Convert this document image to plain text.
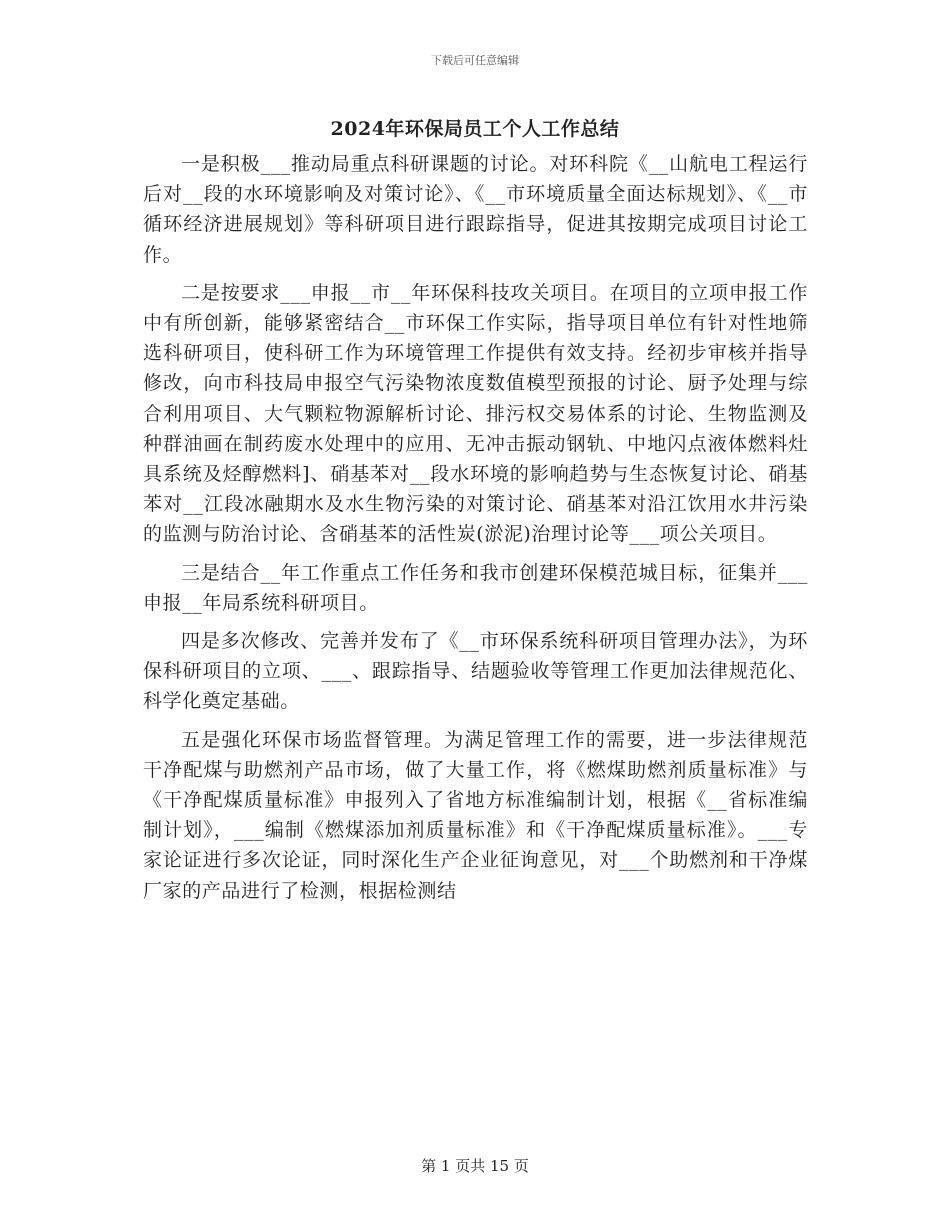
下载后可任意编辑
2024年环保局员工个人工作总结

一是积极___推动局重点科研课题的讨论。对环科院《__山航电工程运行后对__段的水环境影响及对策讨论》、《__市环境质量全面达标规划》、《__市循环经济进展规划》等科研项目进行跟踪指导，促进其按期完成项目讨论工作。

二是按要求___申报__市__年环保科技攻关项目。在项目的立项申报工作中有所创新，能够紧密结合__市环保工作实际，指导项目单位有针对性地筛选科研项目，使科研工作为环境管理工作提供有效支持。经初步审核并指导修改，向市科技局申报空气污染物浓度数值模型预报的讨论、厨予处理与综合利用项目、大气颗粒物源解析讨论、排污权交易体系的讨论、生物监测及种群油画在制药废水处理中的应用、无冲击振动钢轨、中地闪点液体燃料灶具系统及烃醇燃料]、硝基苯对__段水环境的影响趋势与生态恢复讨论、硝基苯对__江段冰融期水及水生物污染的对策讨论、硝基苯对沿江饮用水井污染的监测与防治讨论、含硝基苯的活性炭(淤泥)治理讨论等___项公关项目。

三是结合__年工作重点工作任务和我市创建环保模范城目标，征集并___申报__年局系统科研项目。

四是多次修改、完善并发布了《__市环保系统科研项目管理办法》，为环保科研项目的立项、___、跟踪指导、结题验收等管理工作更加法律规范化、科学化奠定基础。

五是强化环保市场监督管理。为满足管理工作的需要，进一步法律规范干净配煤与助燃剂产品市场，做了大量工作，将《燃煤助燃剂质量标准》与《干净配煤质量标准》申报列入了省地方标准编制计划，根据《__省标准编制计划》，___编制《燃煤添加剂质量标准》和《干净配煤质量标准》。___专家论证进行多次论证，同时深化生产企业征询意见，对___个助燃剂和干净煤厂家的产品进行了检测，根据检测结

第 1 页共 15 页
